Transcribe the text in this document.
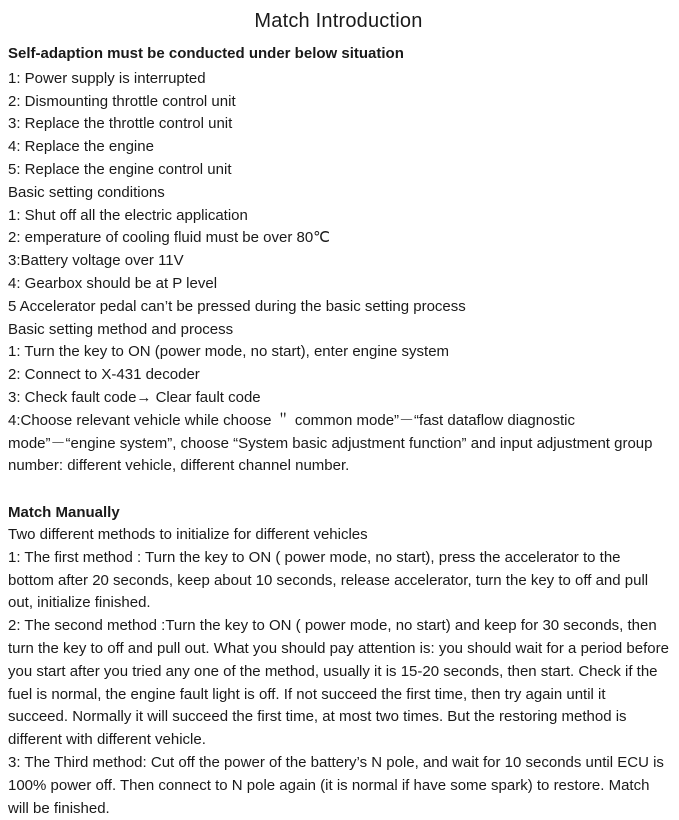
Match Introduction
Self-adaption must be conducted under below situation

1: Power supply is interrupted

2: Dismounting throttle control unit

3: Replace the throttle control unit

4: Replace the engine

5: Replace the engine control unit

Basic setting conditions

1: Shut off all the electric application

2: emperature of cooling fluid must be over 80℃

3:Battery voltage over 11V

4: Gearbox should be at P level

5 Accelerator pedal can’t be pressed during the basic setting process

Basic setting method and process

1: Turn the key to ON (power mode, no start), enter engine system

2: Connect to X-431 decoder

3: Check fault code→ Clear fault code

4:Choose relevant vehicle while choose ＂ common mode”－“fast dataflow diagnostic mode”－“engine system”, choose “System basic adjustment function” and input adjustment group number: different vehicle, different channel number.

Match Manually

Two different methods to initialize for different vehicles

1: The first method : Turn the key to ON ( power mode, no start), press the accelerator to the bottom after 20 seconds, keep about 10 seconds, release accelerator, turn the key to off and pull out, initialize finished.

2: The second method :Turn the key to ON ( power mode, no start) and keep for 30 seconds, then turn the key to off and pull out. What you should pay attention is: you should wait for a period before you start after you tried any one of the method, usually it is 15-20 seconds, then start. Check if the fuel is normal, the engine fault light is off. If not succeed the first time, then try again until it succeed. Normally it will succeed the first time, at most two times. But the restoring method is different with different vehicle.

3: The Third method: Cut off the power of the battery’s N pole, and wait for 10 seconds until ECU is 100% power off. Then connect to N pole again (it is normal if have some spark) to restore. Match will be finished.
